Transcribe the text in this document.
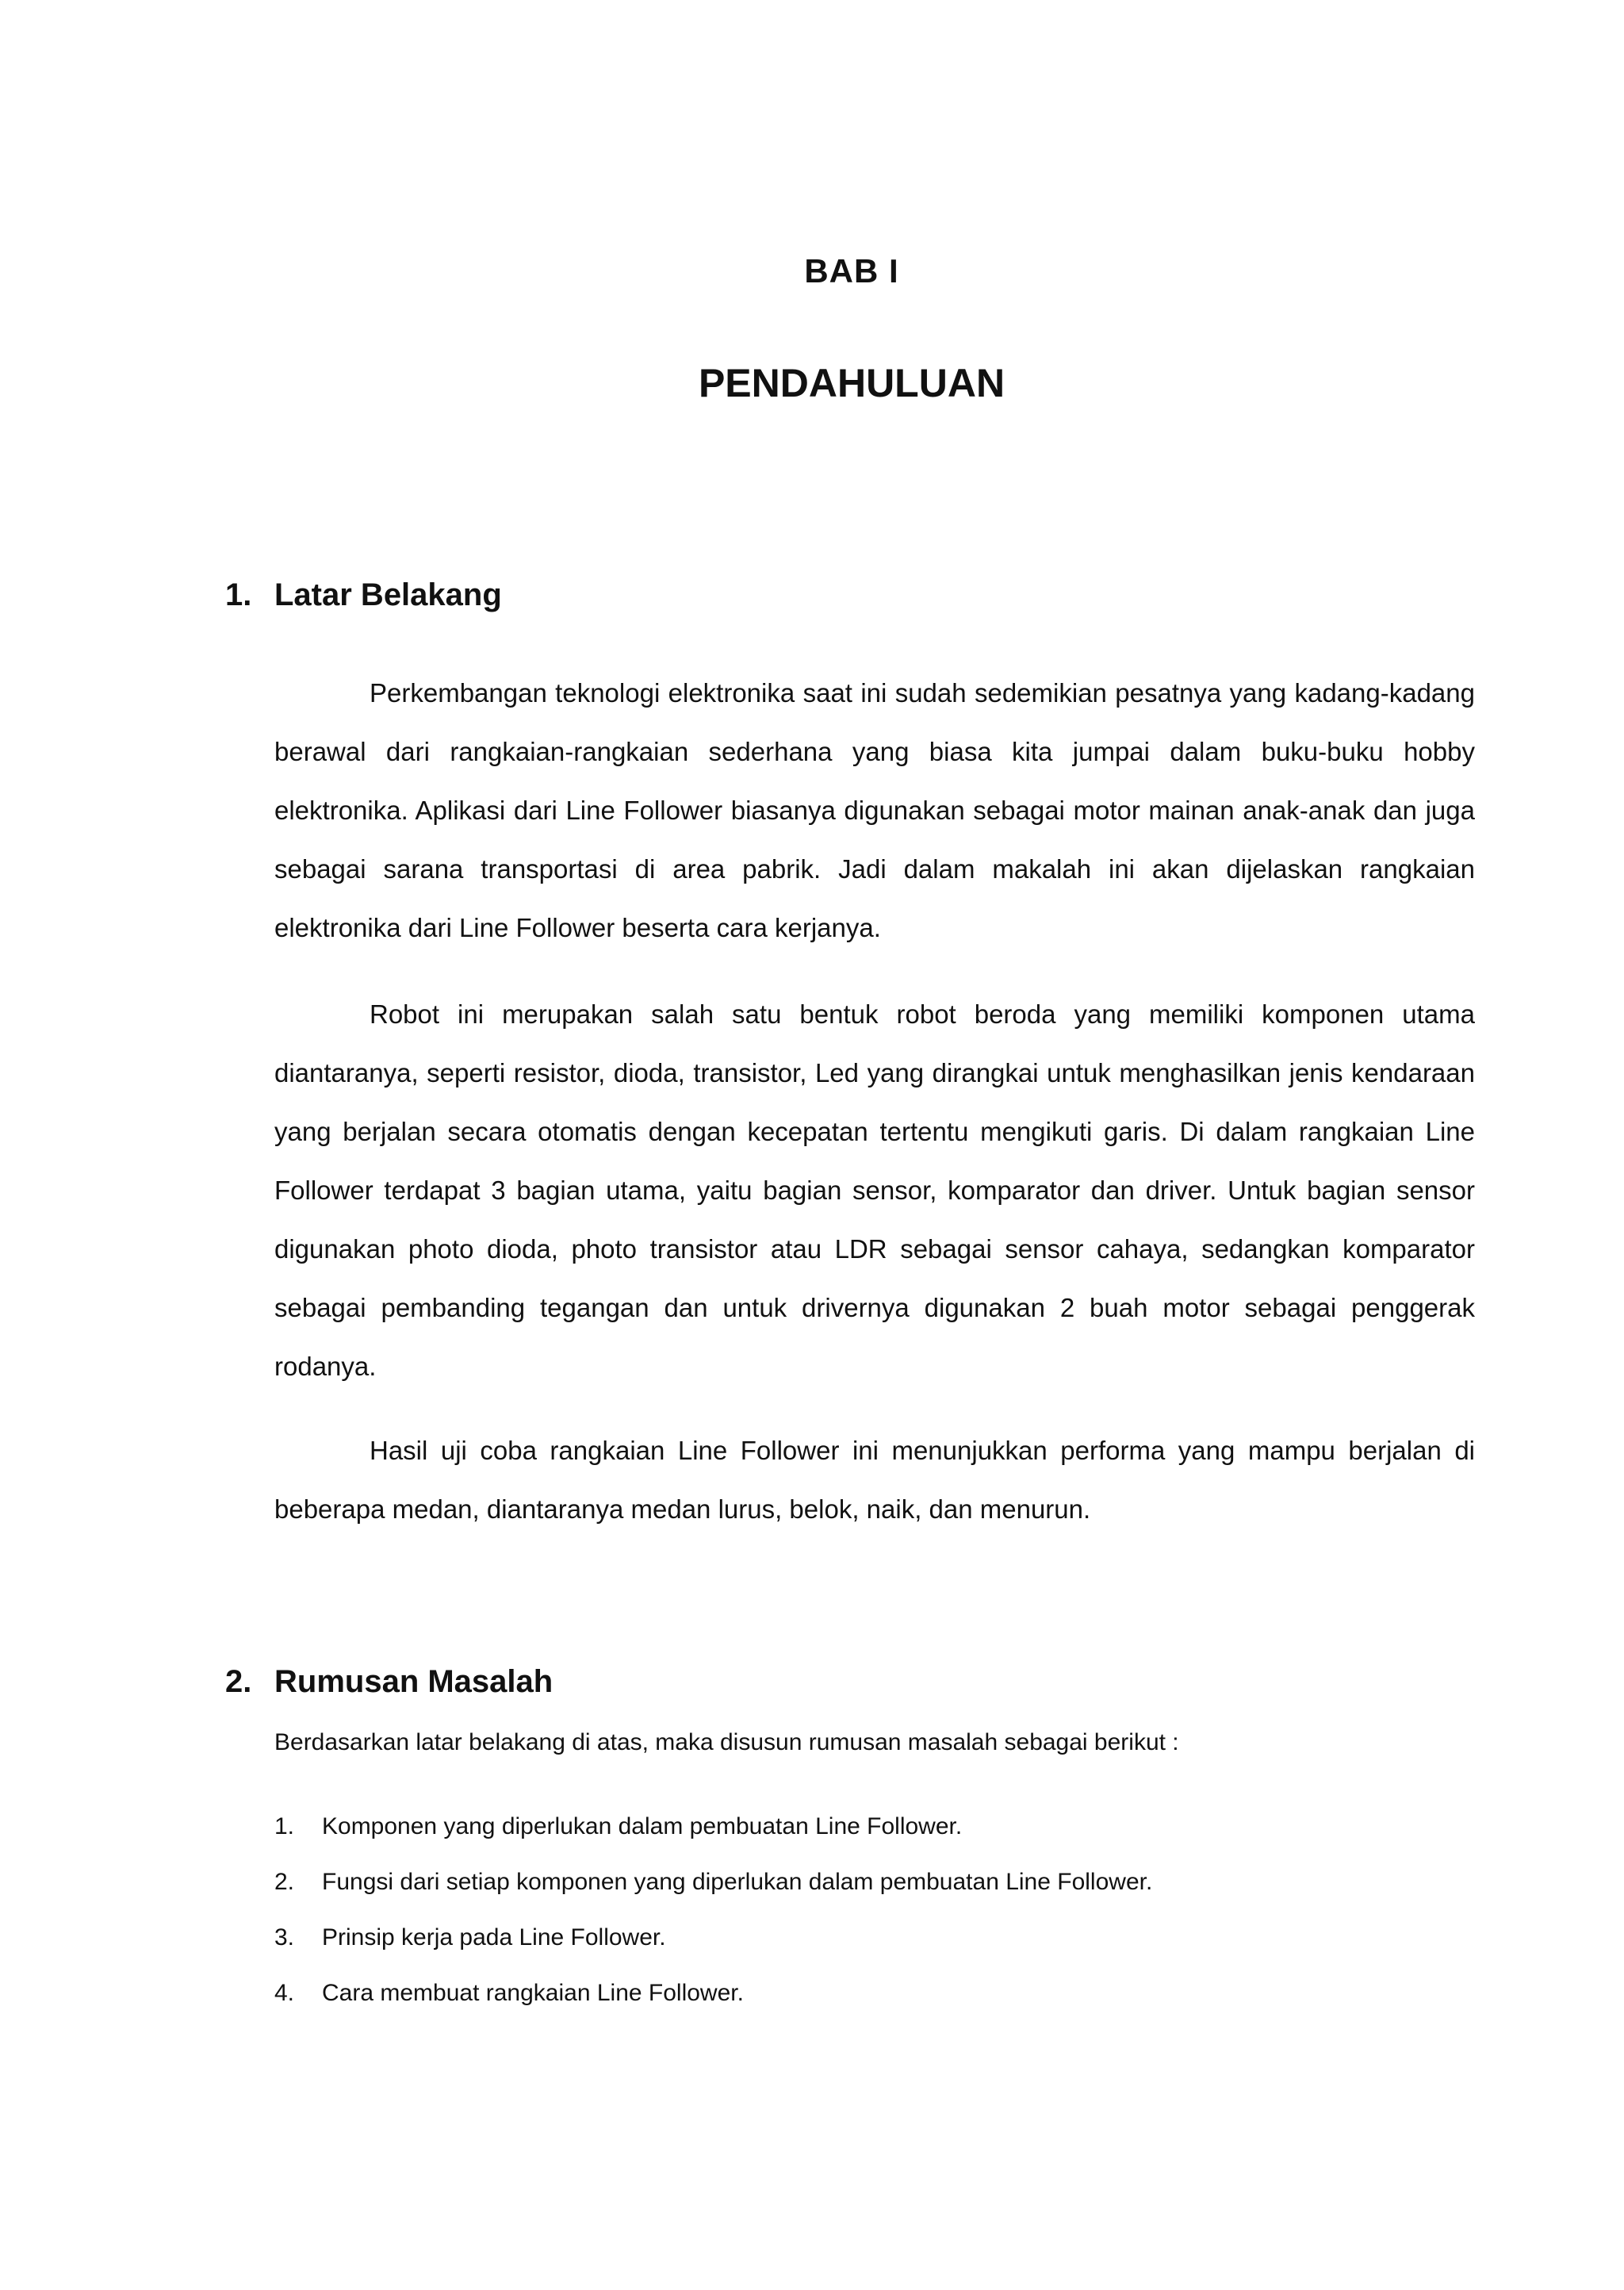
BAB I
PENDAHULUAN
1. Latar Belakang

Perkembangan teknologi elektronika saat ini sudah sedemikian pesatnya yang kadang-kadang berawal dari rangkaian-rangkaian sederhana yang biasa kita jumpai dalam buku-buku hobby elektronika. Aplikasi dari Line Follower biasanya digunakan sebagai motor mainan anak-anak dan juga sebagai sarana transportasi di area pabrik. Jadi dalam makalah ini akan dijelaskan rangkaian elektronika dari Line Follower beserta cara kerjanya.

Robot ini merupakan salah satu bentuk robot beroda yang memiliki komponen utama diantaranya, seperti resistor, dioda, transistor, Led yang dirangkai untuk menghasilkan jenis kendaraan yang berjalan secara otomatis dengan kecepatan tertentu mengikuti garis. Di dalam rangkaian Line Follower terdapat 3 bagian utama, yaitu bagian sensor, komparator dan driver. Untuk bagian sensor digunakan photo dioda, photo transistor atau LDR sebagai sensor cahaya, sedangkan komparator sebagai pembanding tegangan dan untuk drivernya digunakan 2 buah motor sebagai penggerak rodanya.

Hasil uji coba rangkaian Line Follower ini menunjukkan performa yang mampu berjalan di beberapa medan, diantaranya medan lurus, belok, naik, dan menurun.

2. Rumusan Masalah
Berdasarkan latar belakang di atas, maka disusun rumusan masalah sebagai berikut :
1.	Komponen yang diperlukan dalam pembuatan Line Follower.
2.	Fungsi dari setiap komponen yang diperlukan dalam pembuatan Line Follower.
3.	Prinsip kerja pada Line Follower.
4.	Cara membuat rangkaian Line Follower.
